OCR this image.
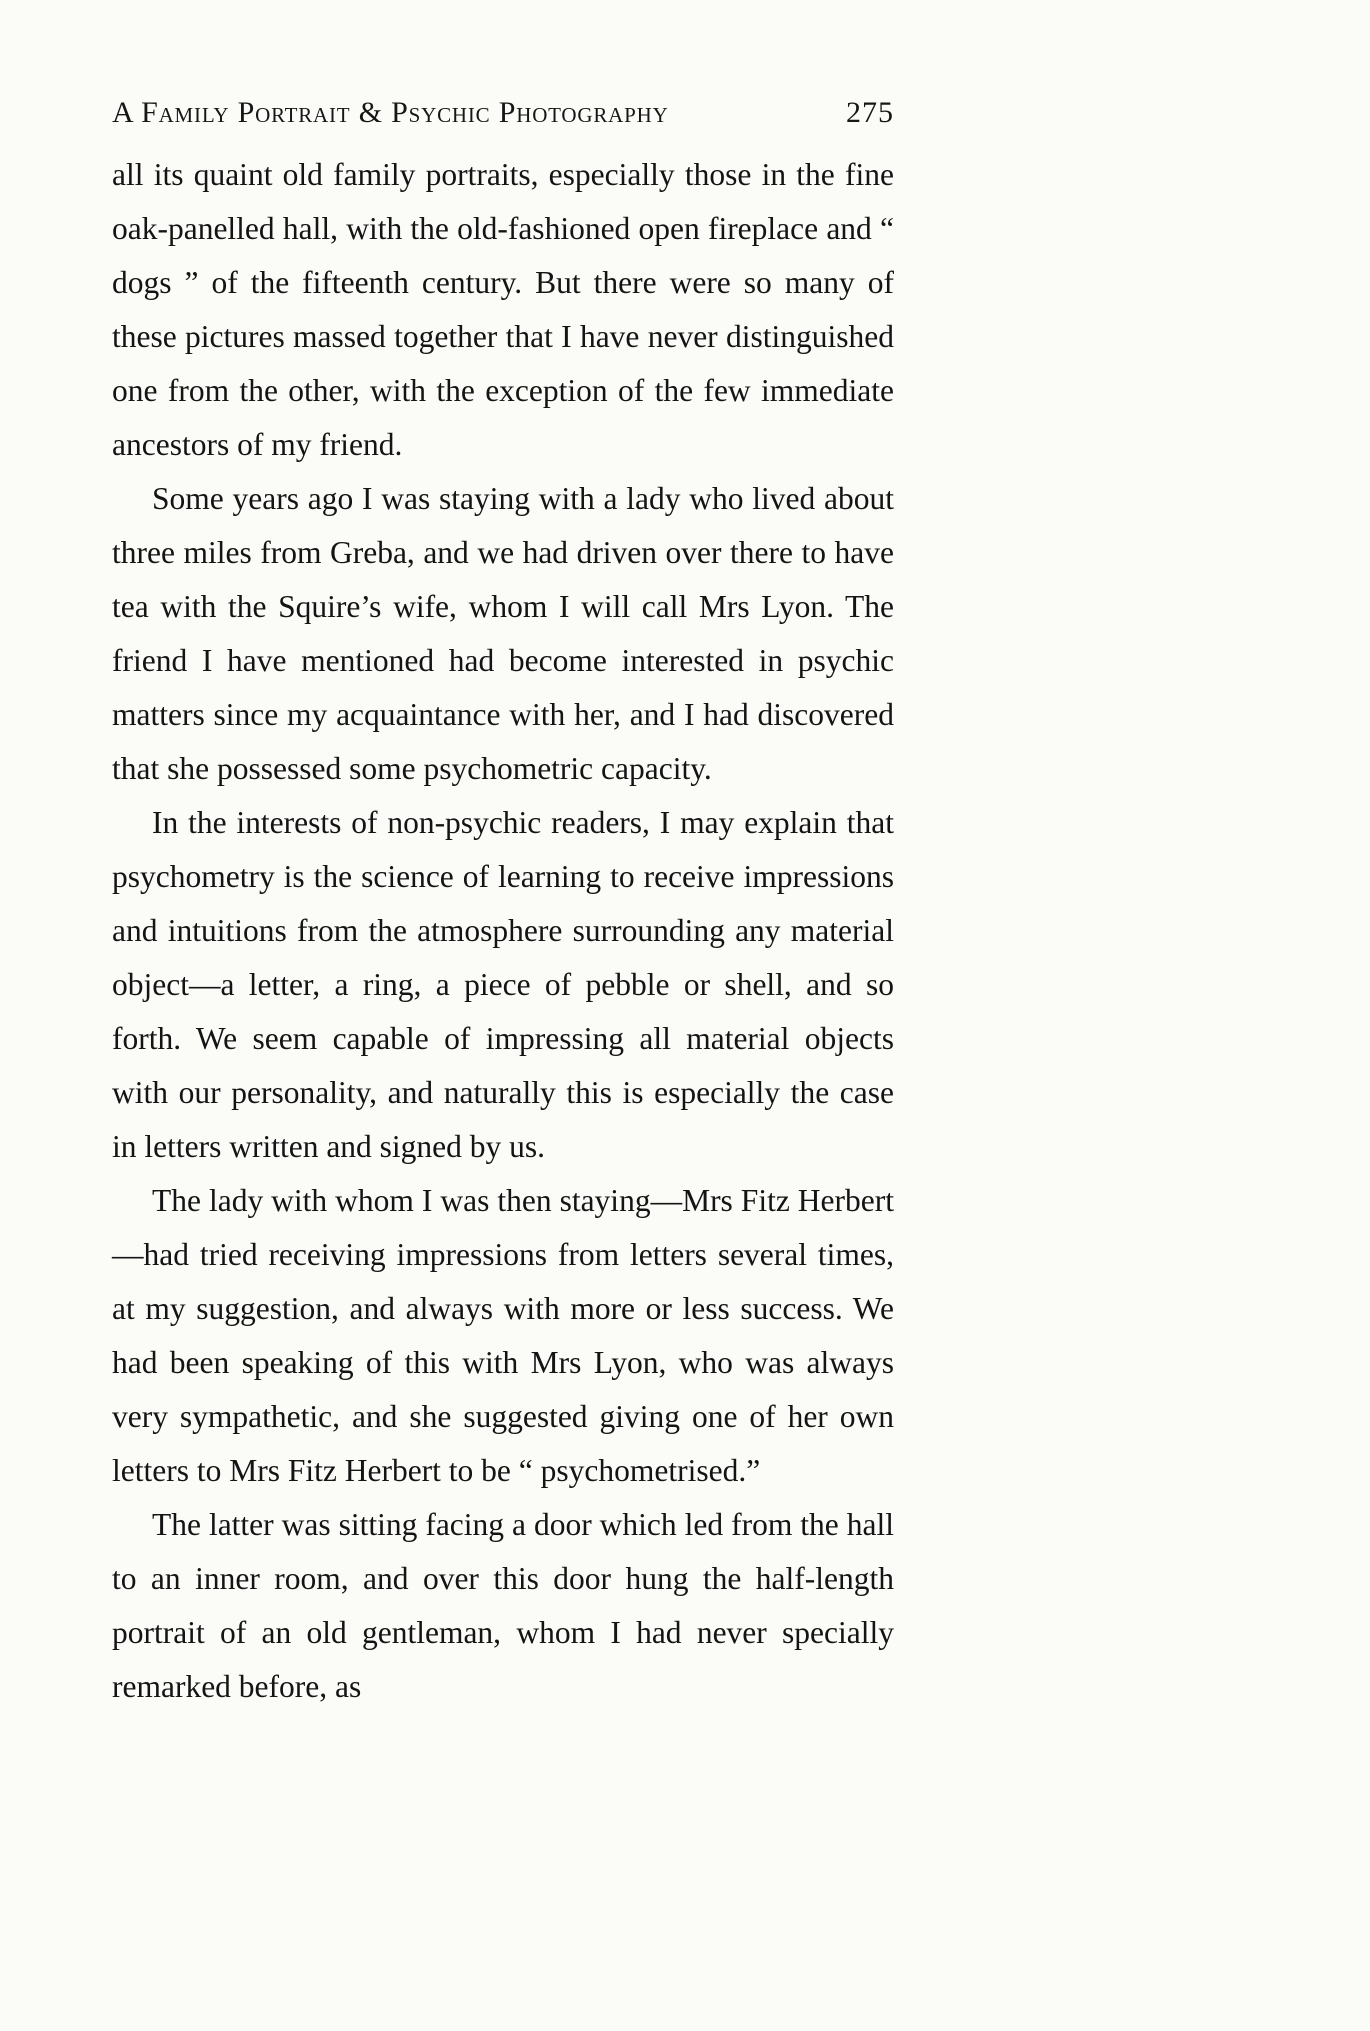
A Family Portrait & Psychic Photography	275

all its quaint old family portraits, especially those in the fine oak-panelled hall, with the old-fashioned open fireplace and “ dogs ” of the fifteenth century. But there were so many of these pictures massed together that I have never distinguished one from the other, with the exception of the few immediate ancestors of my friend.

Some years ago I was staying with a lady who lived about three miles from Greba, and we had driven over there to have tea with the Squire’s wife, whom I will call Mrs Lyon. The friend I have mentioned had become interested in psychic matters since my acquaintance with her, and I had discovered that she possessed some psychometric capacity.

In the interests of non-psychic readers, I may explain that psychometry is the science of learning to receive impressions and intuitions from the atmosphere surrounding any material object—a letter, a ring, a piece of pebble or shell, and so forth. We seem capable of impressing all material objects with our personality, and naturally this is especially the case in letters written and signed by us.

The lady with whom I was then staying—Mrs Fitz Herbert—had tried receiving impressions from letters several times, at my suggestion, and always with more or less success. We had been speaking of this with Mrs Lyon, who was always very sympathetic, and she suggested giving one of her own letters to Mrs Fitz Herbert to be “ psychometrised.”

The latter was sitting facing a door which led from the hall to an inner room, and over this door hung the half-length portrait of an old gentleman, whom I had never specially remarked before, as
